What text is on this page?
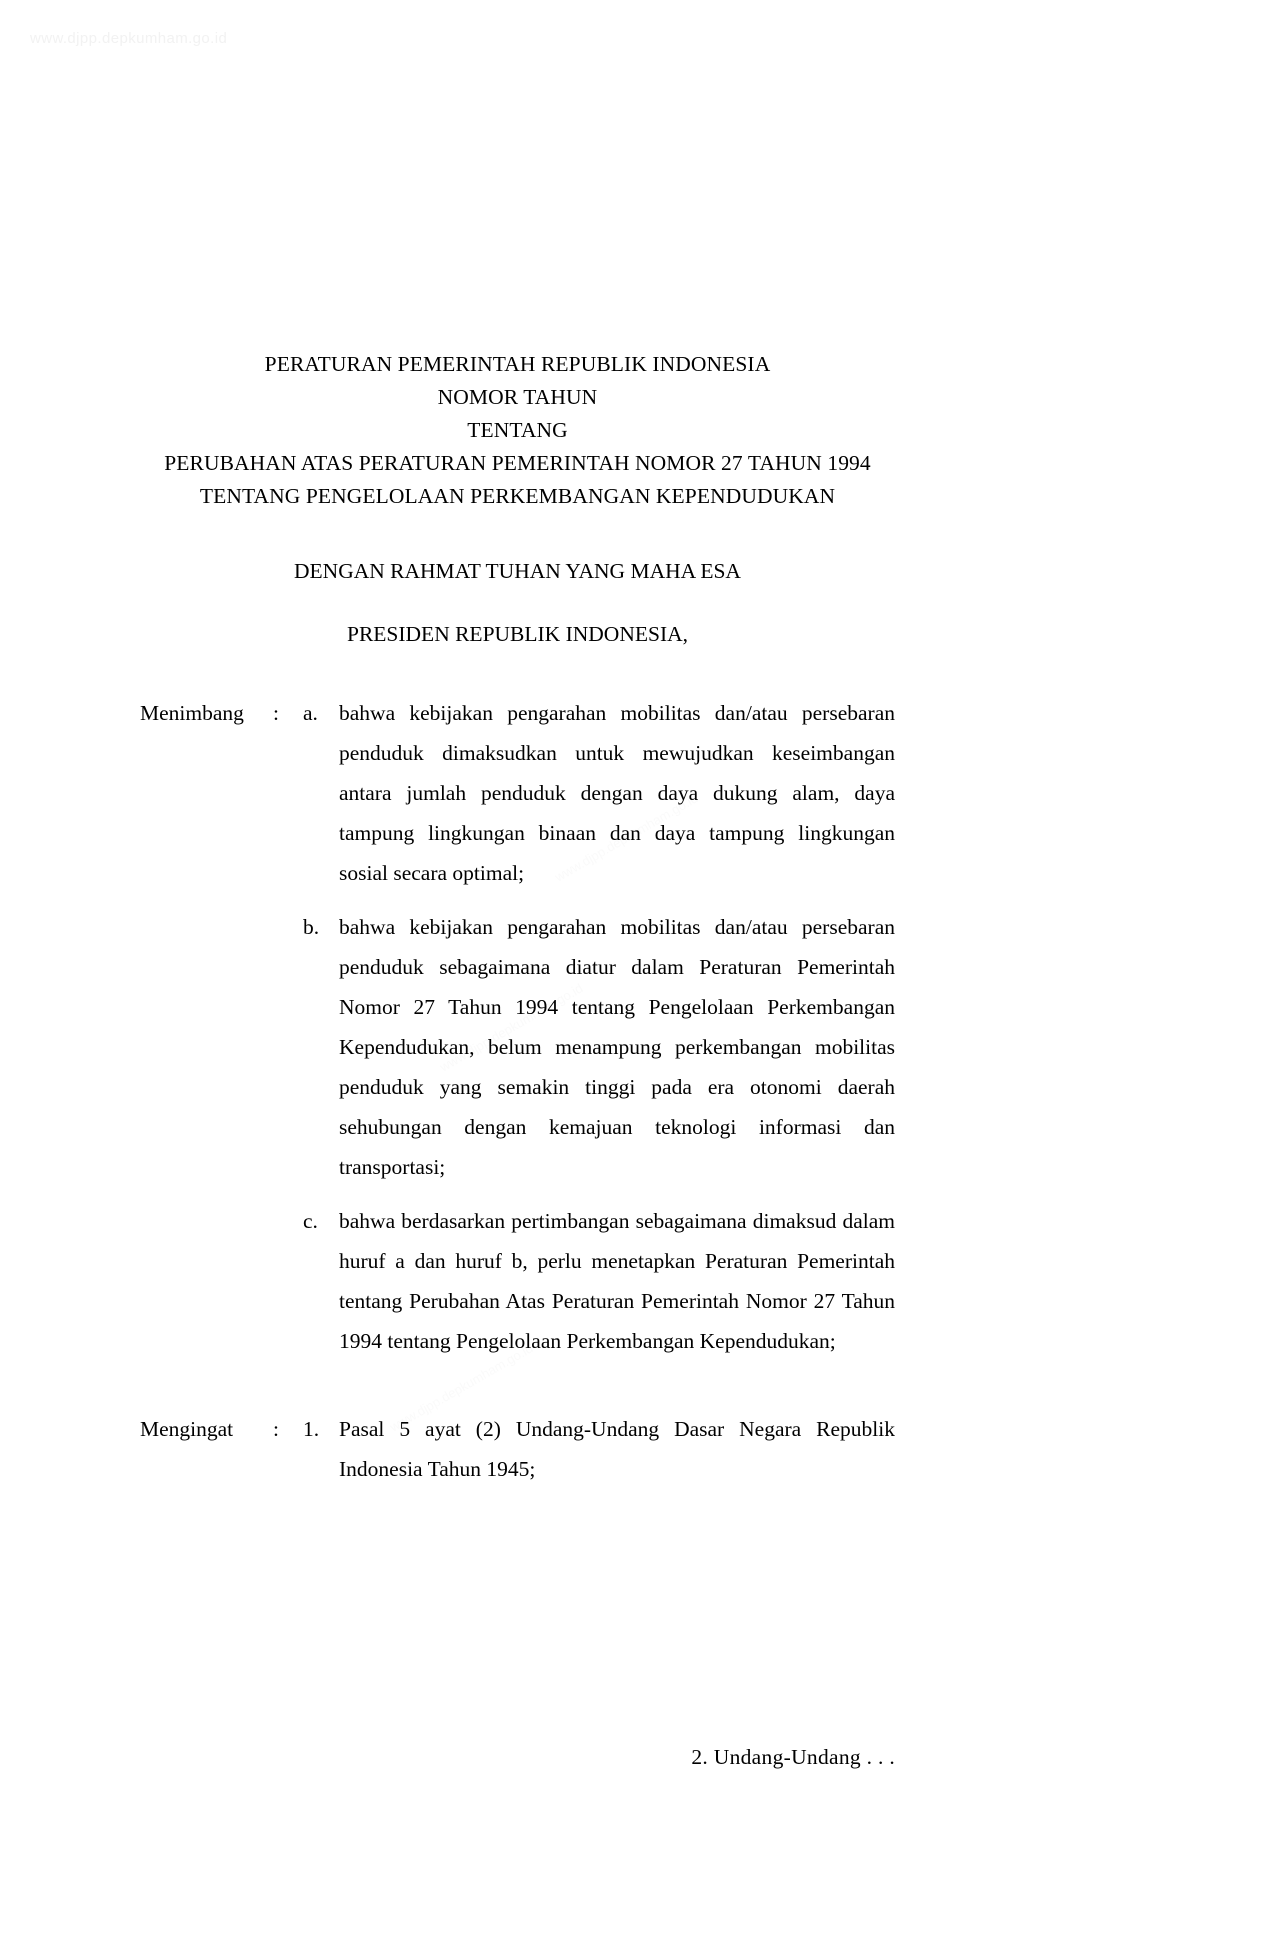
www.djpp.depkumham.go.id
www.djpp.depkumham.go.id
www.djpp.depkumham.go.id
www.djpp.depkumham.go.id
PERATURAN PEMERINTAH REPUBLIK INDONESIA
NOMOR TAHUN
TENTANG
PERUBAHAN ATAS PERATURAN PEMERINTAH NOMOR 27 TAHUN 1994
TENTANG PENGELOLAAN PERKEMBANGAN KEPENDUDUKAN
DENGAN RAHMAT TUHAN YANG MAHA ESA
PRESIDEN REPUBLIK INDONESIA,
Menimbang	:	a. bahwa kebijakan pengarahan mobilitas dan/atau persebaran penduduk dimaksudkan untuk mewujudkan keseimbangan antara jumlah penduduk dengan daya dukung alam, daya tampung lingkungan binaan dan daya tampung lingkungan sosial secara optimal;
b. bahwa kebijakan pengarahan mobilitas dan/atau persebaran penduduk sebagaimana diatur dalam Peraturan Pemerintah Nomor 27 Tahun 1994 tentang Pengelolaan Perkembangan Kependudukan, belum menampung perkembangan mobilitas penduduk yang semakin tinggi pada era otonomi daerah sehubungan dengan kemajuan teknologi informasi dan transportasi;
c. bahwa berdasarkan pertimbangan sebagaimana dimaksud dalam huruf a dan huruf b, perlu menetapkan Peraturan Pemerintah tentang Perubahan Atas Peraturan Pemerintah Nomor 27 Tahun 1994 tentang Pengelolaan Perkembangan Kependudukan;
Mengingat	:	1. Pasal 5 ayat (2) Undang-Undang Dasar Negara Republik Indonesia Tahun 1945;
2. Undang-Undang . . .
